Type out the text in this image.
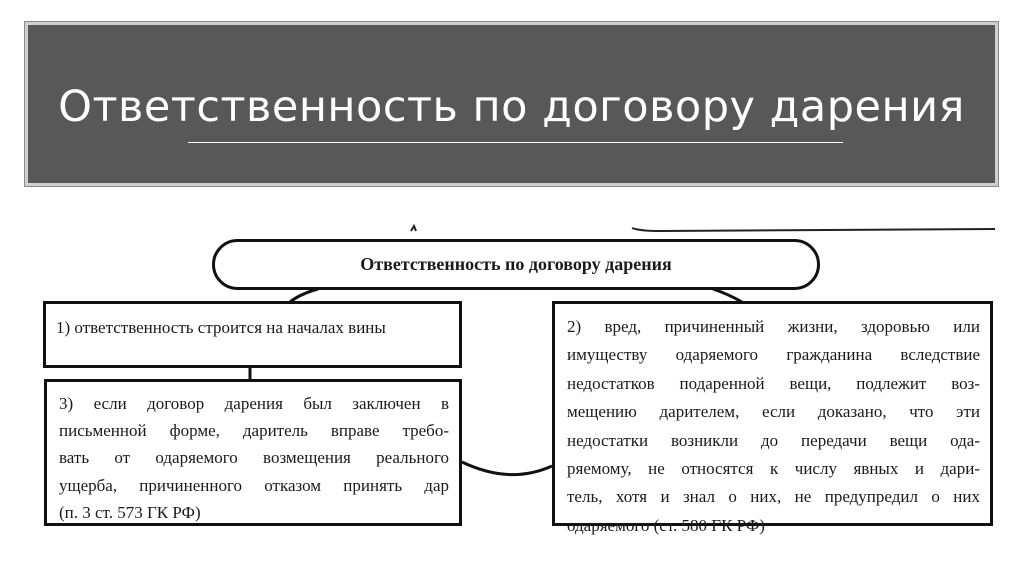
Ответственность по договору дарения
Ответственность по договору дарения
1) ответственность строится на началах вины	2) вред, причиненный жизни, здоровью или
имуществу одаряемого гражданина вследствие
недостатков подаренной вещи, подлежит воз-
мещению дарителем, если доказано, что эти
недостатки возникли до передачи вещи ода-
ряемому, не относятся к числу явных и дари-
тель, хотя и знал о них, не предупредил о них
одаряемого (ст. 580 ГК РФ)
3) если договор дарения был заключен в
письменной форме, даритель вправе требо-
вать от одаряемого возмещения реального
ущерба, причиненного отказом принять дар
(п. 3 ст. 573 ГК РФ)
